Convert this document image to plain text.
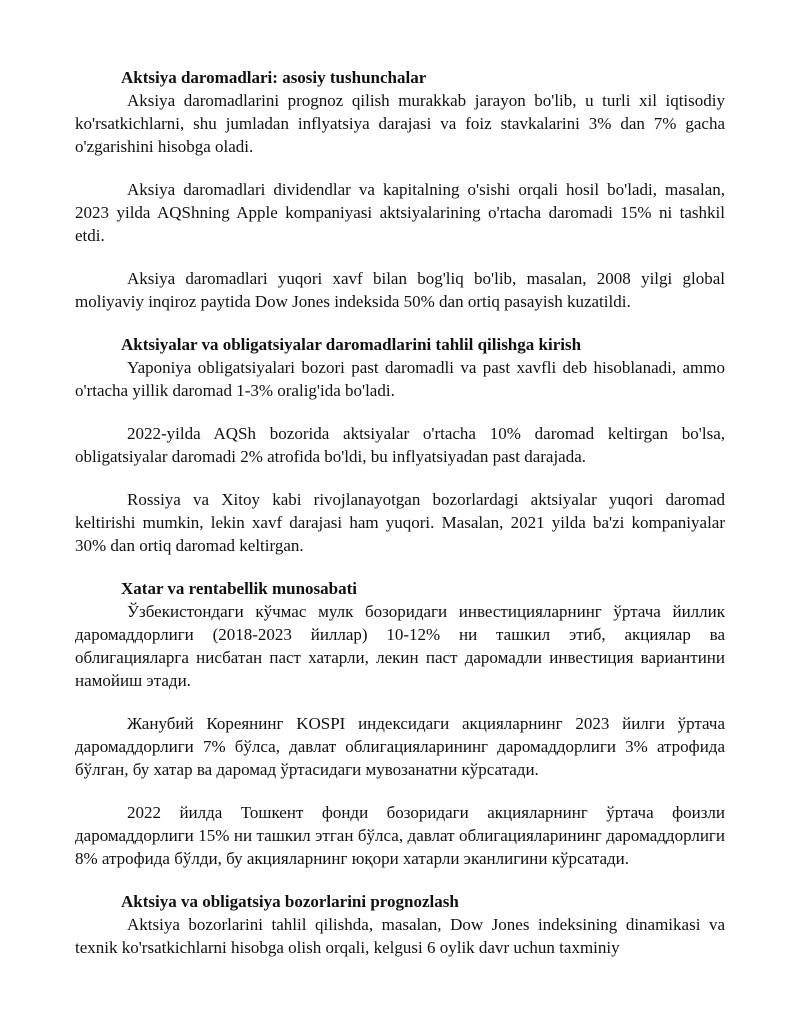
Aktsiya daromadlari: asosiy tushunchalar

Aksiya daromadlarini prognoz qilish murakkab jarayon bo'lib, u turli xil iqtisodiy ko'rsatkichlarni, shu jumladan inflyatsiya darajasi va foiz stavkalarini 3% dan 7% gacha o'zgarishini hisobga oladi.

Aksiya daromadlari dividendlar va kapitalning o'sishi orqali hosil bo'ladi, masalan, 2023 yilda AQShning Apple kompaniyasi aktsiyalarining o'rtacha daromadi 15% ni tashkil etdi.

Aksiya daromadlari yuqori xavf bilan bog'liq bo'lib, masalan, 2008 yilgi global moliyaviy inqiroz paytida Dow Jones indeksida 50% dan ortiq pasayish kuzatildi.

Aktsiyalar va obligatsiyalar daromadlarini tahlil qilishga kirish

Yaponiya obligatsiyalari bozori past daromadli va past xavfli deb hisoblanadi, ammo o'rtacha yillik daromad 1-3% oralig'ida bo'ladi.

2022-yilda AQSh bozorida aktsiyalar o'rtacha 10% daromad keltirgan bo'lsa, obligatsiyalar daromadi 2% atrofida bo'ldi, bu inflyatsiyadan past darajada.

Rossiya va Xitoy kabi rivojlanayotgan bozorlardagi aktsiyalar yuqori daromad keltirishi mumkin, lekin xavf darajasi ham yuqori. Masalan, 2021 yilda ba'zi kompaniyalar 30% dan ortiq daromad keltirgan.

Xatar va rentabellik munosabati

Ўзбекистондаги кўчмас мулк бозоридаги инвестицияларнинг ўртача йиллик даромаддорлиги (2018-2023 йиллар) 10-12% ни ташкил этиб, акциялар ва облигацияларга нисбатан паст хатарли, лекин паст даромадли инвестиция вариантини намойиш этади.

Жанубий Кореянинг KOSPI индексидаги акцияларнинг 2023 йилги ўртача даромаддорлиги 7% бўлса, давлат облигацияларининг даромаддорлиги 3% атрофида бўлган, бу хатар ва даромад ўртасидаги мувозанатни кўрсатади.

2022 йилда Тошкент фонди бозоридаги акцияларнинг ўртача фоизли даромаддорлиги 15% ни ташкил этган бўлса, давлат облигацияларининг даромаддорлиги 8% атрофида бўлди, бу акцияларнинг юқори хатарли эканлигини кўрсатади.

Aktsiya va obligatsiya bozorlarini prognozlash

Aktsiya bozorlarini tahlil qilishda, masalan, Dow Jones indeksining dinamikasi va texnik ko'rsatkichlarni hisobga olish orqali, kelgusi 6 oylik davr uchun taxminiy
